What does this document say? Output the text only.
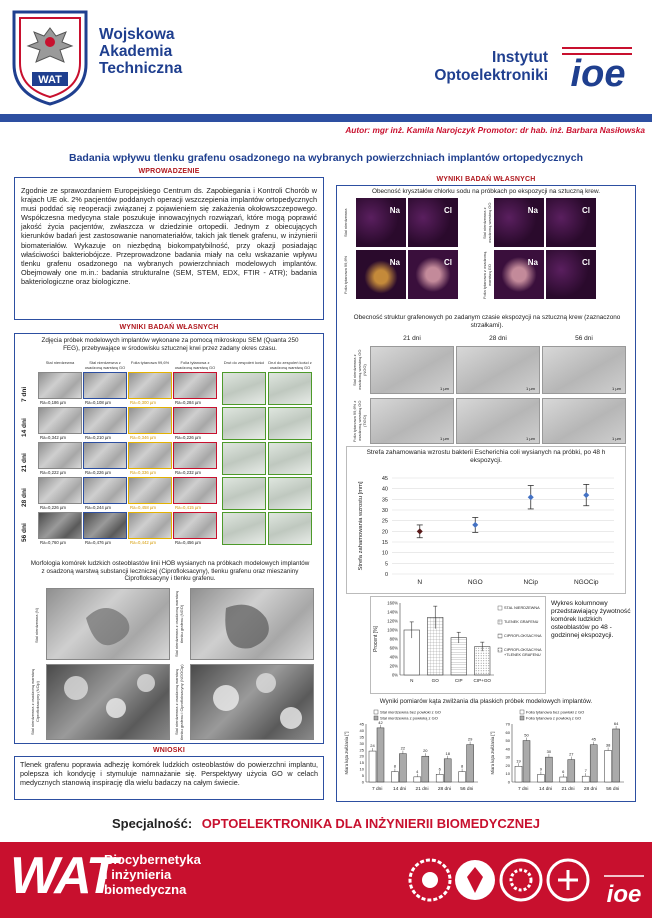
WAT
Wojskowa
Akademia
Techniczna
Instytut
Optoelektroniki ioe
Autor: mgr inż. Kamila Narojczyk Promotor: dr hab. inż. Barbara Nasiłowska
Badania wpływu tlenku grafenu osadzonego na wybranych powierzchniach implantów ortopedycznych
WPROWADZENIE
Zgodnie ze sprawozdaniem Europejskiego Centrum ds. Zapobiegania i Kontroli Chorób w krajach UE ok. 2% pacjentów poddanych operacji wszczepienia implantów ortopedycznych musi poddać się reoperacji związanej z pojawieniem się zakażenia okołowszczepowego. Współczesna medycyna stale poszukuje innowacyjnych rozwiązań, które mogą poprawić jakość życia pacjentów, zwłaszcza w dziedzinie ortopedii. Jednym z obiecujących kierunków badań jest zastosowanie nanomateriałów, takich jak tlenek grafenu, w inżynierii biomateriałów. Wykazuje on niezbędną biokompatybilność, przy okazji posiadając właściwości bakteriobójcze. Przeprowadzone badania miały na celu wskazanie wpływu tlenku grafenu osadzonego na wybranych powierzchniach modelowych implantów. Obejmowały one m.in.: badania strukturalne (SEM, STEM, EDX, FTIR - ATR); badania bakteriologiczne oraz biologiczne.
WYNIKI BADAŃ WŁASNYCH
Zdjęcia próbek modelowych implantów wykonane za pomocą mikroskopu SEM (Quanta 250 FEG), przebywające w środowisku sztucznej krwi przez zadany okres czasu.
Stal nierdzewna	Stal nierdzewna z osadzoną warstwą GO
Folia tytanowa 99,6%	Folia tytanowa z osadzoną warstwą GO
Drut do zespoleń kości Drut do zespoleń kości z osadzoną warstwą GO
7 dni
Ra=0,186 µm	Ra=0,108 µm	Ra=0,300 µm	Ra=0,284 µm
14 dni
Ra=0,342 µm	Ra=0,210 µm	Ra=0,346 µm	Ra=0,226 µm
21 dni
Ra=0,222 µm	Ra=0,226 µm	Ra=0,336 µm	Ra=0,232 µm
28 dni
Ra=0,226 µm	Ra=0,244 µm	Ra=0,458 µm	Ra=0,415 µm
56 dni
Ra=0,760 µm	Ra=0,476 µm	Ra=0,442 µm	Ra=0,456 µm
Morfologia komórek ludzkich osteoblastów linii HOB wysianych na próbkach modelowych implantów z osadzoną warstwą substancji leczniczej (Ciprofloksacyny), tlenku grafenu oraz mieszaniny Ciprofloksacyny i tlenku grafenu.
Stal nierdzewna (N)	Stal nierdzewna z osadzoną warstwą tlenku grafenu (NGO)
Stal nierdzewna z osadzoną warstwą Ciprofloksacyny (NCip)	Stal nierdzewna z osadzoną warstwą tlenku grafenu i Ciprofloksacyny (NGOCip)
WNIOSKI
Tlenek grafenu poprawia adhezję komórek ludzkich osteoblastów do powierzchni implantu, polepsza ich kondycję i stymuluje namnażanie się. Perspektywy użycia GO w celach medycznych stanowią inspirację dla wielu badaczy na całym świecie.
WYNIKI BADAŃ WŁASNYCH
Obecność kryształów chlorku sodu na próbkach po ekspozycji na sztuczną krew.
Na	Cl	Na	Cl
Na	Cl	Na	Cl
Stal nierdzewna
Folia tytanowa 99,6%
Stal nierdzewna z osadzoną warstwą GO
Folia tytanowa z osadzoną warstwą GO
Obecność struktur grafenowych po zadanym czasie ekspozycji na sztuczną krew (zaznaczono strzałkami).
21 dni	28 dni	56 dni
1 µm	1 µm	1 µm
1 µm	1 µm	1 µm
Stal nierdzewna z osadzoną warstwą GO (NGO)
Folia tytanowa 99,6% z osadzoną warstwą GO (TiGO)
Strefa zahamowania wzrostu bakterii Escherichia coli wysianych na próbki, po 48 h ekspozycji.
0
5
10
15
20
25
30
35
40
45
Strefa zahamowania wzrostu [mm]
N	NGO	NCip	NGOCip
0%
20%
40%
60%
80%
100%
120%
140%
160%
Procent [%]
N	GO	CIP CIP+GO
STAL NIERDZEWNA
TLENEK GRAFENU
CIPROFLOKSACYNA
CIPROFLOKSACYNA
+TLENEK GRAFENU
Wykres kolumnowy przedstawiający żywotność komórek ludzkich osteoblastów po 48 - godzinnej ekspozycji.
Wyniki pomiarów kąta zwilżania dla płaskich próbek modelowych implantów.
0
5
10
15
20
25
30
35
40
45
Miara kąta zwilżania [°]
Stal nierdzewna bez powłoki z GO
Stal nierdzewna z powłoką z GO
24
42
7 dni
8
22
14 dni
4
20
21 dni
6
18
28 dni
8
29
56 dni
0
10
20
30
40
50
60
70
Miara kąta zwilżania [°]
Folia tytanowa bez powłoki z GO
Folia tytanowa z powłoką z GO
19
50
7 dni
9
30
14 dni
6
27
21 dni
7
45
28 dni
38
64
56 dni
Specjalność: OPTOELEKTRONIKA DLA INŻYNIERII BIOMEDYCZNEJ
WAT
Biocybernetyka
i inżynieria
biomedyczna	ioe
